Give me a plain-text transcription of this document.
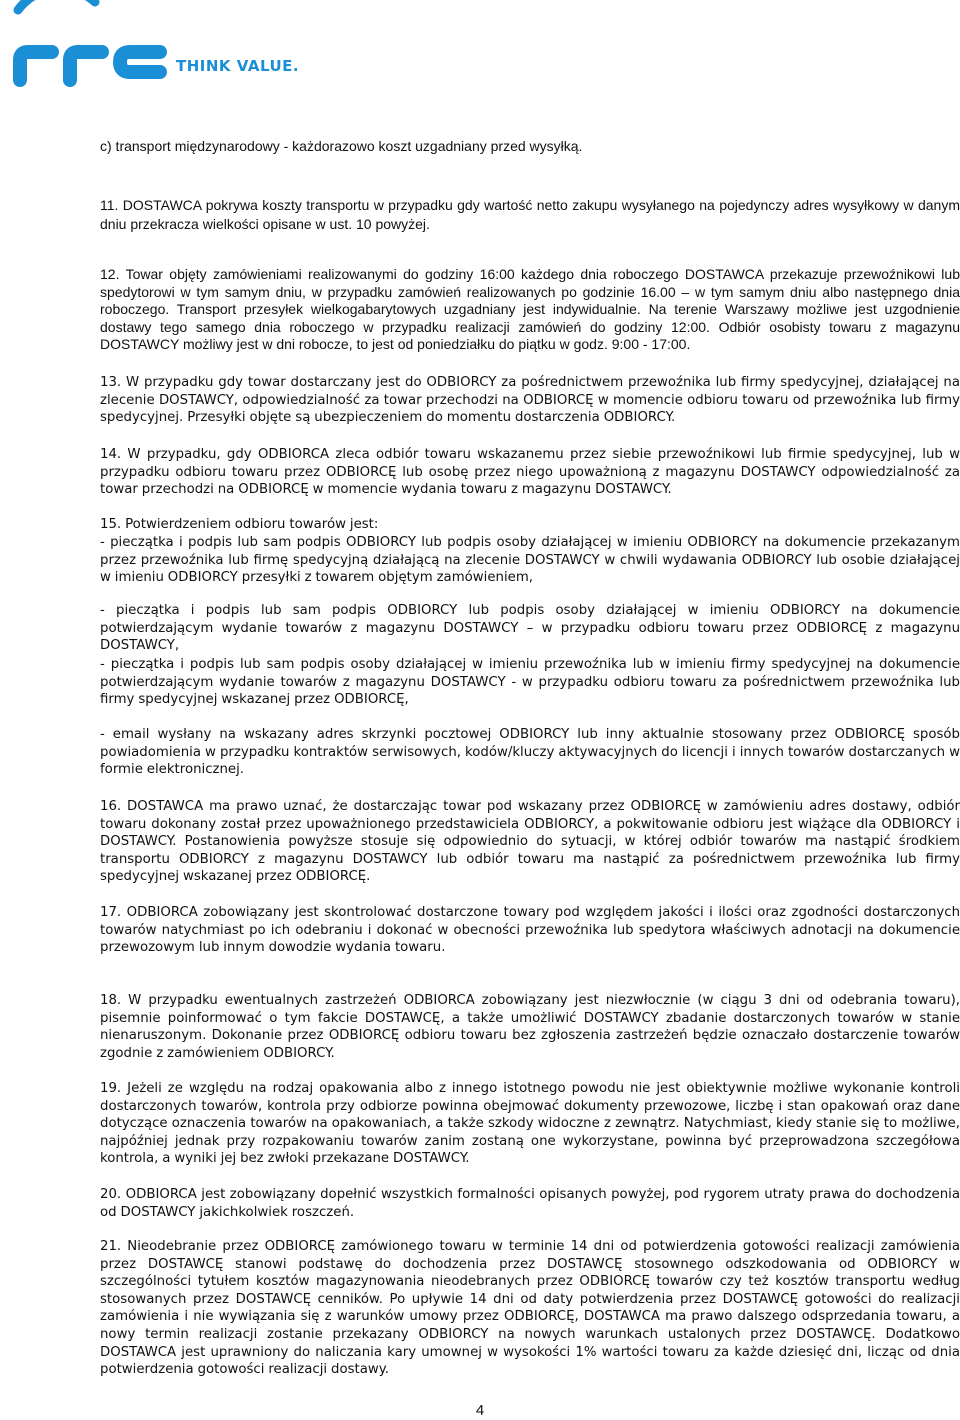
THINK VALUE.

c) transport międzynarodowy - każdorazowo koszt uzgadniany przed wysyłką.

11. DOSTAWCA pokrywa koszty transportu w przypadku gdy wartość netto zakupu wysyłanego na pojedynczy adres wysyłkowy w danym dniu przekracza wielkości opisane w ust. 10 powyżej.

12. Towar objęty zamówieniami realizowanymi do godziny 16:00 każdego dnia roboczego DOSTAWCA przekazuje przewoźnikowi lub spedytorowi w tym samym dniu, w przypadku zamówień realizowanych po godzinie 16.00 – w tym samym dniu albo następnego dnia roboczego. Transport przesyłek wielkogabarytowych uzgadniany jest indywidualnie. Na terenie Warszawy możliwe jest uzgodnienie dostawy tego samego dnia roboczego w przypadku realizacji zamówień do godziny 12:00. Odbiór osobisty towaru z magazynu DOSTAWCY możliwy jest w dni robocze, to jest od poniedziałku do piątku w godz. 9:00 - 17:00.

13. W przypadku gdy towar dostarczany jest do ODBIORCY za pośrednictwem przewoźnika lub firmy spedycyjnej, działającej na zlecenie DOSTAWCY, odpowiedzialność za towar przechodzi na ODBIORCĘ w momencie odbioru towaru od przewoźnika lub firmy spedycyjnej. Przesyłki objęte są ubezpieczeniem do momentu dostarczenia ODBIORCY.

14. W przypadku, gdy ODBIORCA zleca odbiór towaru wskazanemu przez siebie przewoźnikowi lub firmie spedycyjnej, lub w przypadku odbioru towaru przez ODBIORCĘ lub osobę przez niego upoważnioną z magazynu DOSTAWCY odpowiedzialność za towar przechodzi na ODBIORCĘ w momencie wydania towaru z magazynu DOSTAWCY.

15. Potwierdzeniem odbioru towarów jest:

- pieczątka i podpis lub sam podpis ODBIORCY lub podpis osoby działającej w imieniu ODBIORCY na dokumencie przekazanym przez przewoźnika lub firmę spedycyjną działającą na zlecenie DOSTAWCY w chwili wydawania ODBIORCY lub osobie działającej w imieniu ODBIORCY przesyłki z towarem objętym zamówieniem,

- pieczątka i podpis lub sam podpis ODBIORCY lub podpis osoby działającej w imieniu ODBIORCY na dokumencie potwierdzającym wydanie towarów z magazynu DOSTAWCY – w przypadku odbioru towaru przez ODBIORCĘ z magazynu DOSTAWCY,

- pieczątka i podpis lub sam podpis osoby działającej w imieniu przewoźnika lub w imieniu firmy spedycyjnej na dokumencie potwierdzającym wydanie towarów z magazynu DOSTAWCY - w przypadku odbioru towaru za pośrednictwem przewoźnika lub firmy spedycyjnej wskazanej przez ODBIORCĘ,

- email wysłany na wskazany adres skrzynki pocztowej ODBIORCY lub inny aktualnie stosowany przez ODBIORCĘ sposób powiadomienia w przypadku kontraktów serwisowych, kodów/kluczy aktywacyjnych do licencji i innych towarów dostarczanych w formie elektronicznej.

16. DOSTAWCA ma prawo uznać, że dostarczając towar pod wskazany przez ODBIORCĘ w zamówieniu adres dostawy, odbiór towaru dokonany został przez upoważnionego przedstawiciela ODBIORCY, a pokwitowanie odbioru jest wiążące dla ODBIORCY i DOSTAWCY. Postanowienia powyższe stosuje się odpowiednio do sytuacji, w której odbiór towarów ma nastąpić środkiem transportu ODBIORCY z magazynu DOSTAWCY lub odbiór towaru ma nastąpić za pośrednictwem przewoźnika lub firmy spedycyjnej wskazanej przez ODBIORCĘ.

17. ODBIORCA zobowiązany jest skontrolować dostarczone towary pod względem jakości i ilości oraz zgodności dostarczonych towarów natychmiast po ich odebraniu i dokonać w obecności przewoźnika lub spedytora właściwych adnotacji na dokumencie przewozowym lub innym dowodzie wydania towaru.

18. W przypadku ewentualnych zastrzeżeń ODBIORCA zobowiązany jest niezwłocznie (w ciągu 3 dni od odebrania towaru), pisemnie poinformować o tym fakcie DOSTAWCĘ, a także umożliwić DOSTAWCY zbadanie dostarczonych towarów w stanie nienaruszonym. Dokonanie przez ODBIORCĘ odbioru towaru bez zgłoszenia zastrzeżeń będzie oznaczało dostarczenie towarów zgodnie z zamówieniem ODBIORCY.

19. Jeżeli ze względu na rodzaj opakowania albo z innego istotnego powodu nie jest obiektywnie możliwe wykonanie kontroli dostarczonych towarów, kontrola przy odbiorze powinna obejmować dokumenty przewozowe, liczbę i stan opakowań oraz dane dotyczące oznaczenia towarów na opakowaniach, a także szkody widoczne z zewnątrz. Natychmiast, kiedy stanie się to możliwe, najpóźniej jednak przy rozpakowaniu towarów zanim zostaną one wykorzystane, powinna być przeprowadzona szczegółowa kontrola, a wyniki jej bez zwłoki przekazane DOSTAWCY.

20. ODBIORCA jest zobowiązany dopełnić wszystkich formalności opisanych powyżej, pod rygorem utraty prawa do dochodzenia od DOSTAWCY jakichkolwiek roszczeń.

21. Nieodebranie przez ODBIORCĘ zamówionego towaru w terminie 14 dni od potwierdzenia gotowości realizacji zamówienia przez DOSTAWCĘ stanowi podstawę do dochodzenia przez DOSTAWCĘ stosownego odszkodowania od ODBIORCY w szczególności tytułem kosztów magazynowania nieodebranych przez ODBIORCĘ towarów czy też kosztów transportu według stosowanych przez DOSTAWCĘ cenników. Po upływie 14 dni od daty potwierdzenia przez DOSTAWCĘ gotowości do realizacji zamówienia i nie wywiązania się z warunków umowy przez ODBIORCĘ, DOSTAWCA ma prawo dalszego odsprzedania towaru, a nowy termin realizacji zostanie przekazany ODBIORCY na nowych warunkach ustalonych przez DOSTAWCĘ. Dodatkowo DOSTAWCA jest uprawniony do naliczania kary umownej w wysokości 1% wartości towaru za każde dziesięć dni, licząc od dnia potwierdzenia gotowości realizacji dostawy.

4
